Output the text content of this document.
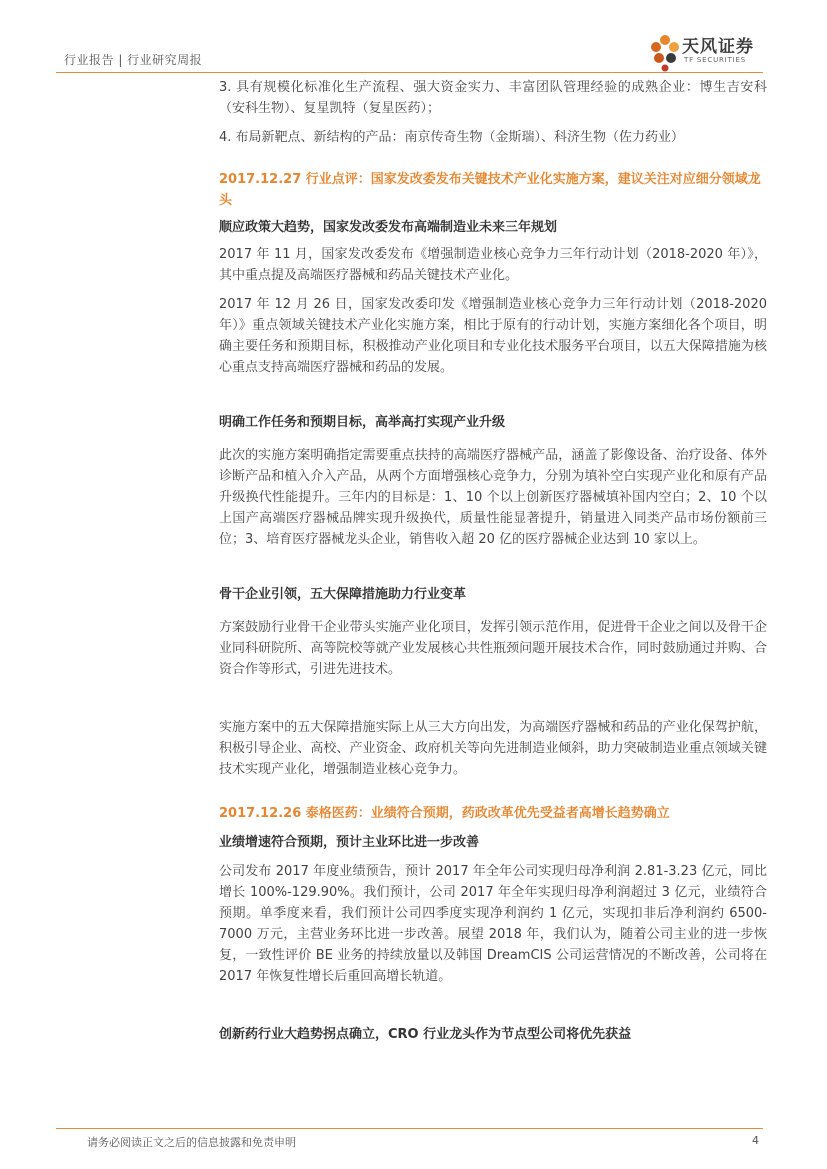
行业报告 | 行业研究周报
天风证券
TF SECURITIES

3. 具有规模化标准化生产流程、强大资金实力、丰富团队管理经验的成熟企业：博生吉安科（安科生物）、复星凯特（复星医药）；

4. 布局新靶点、新结构的产品：南京传奇生物（金斯瑞）、科济生物（佐力药业）

2017.12.27 行业点评：国家发改委发布关键技术产业化实施方案，建议关注对应细分领域龙头
顺应政策大趋势，国家发改委发布高端制造业未来三年规划

2017 年 11 月，国家发改委发布《增强制造业核心竞争力三年行动计划（2018-2020 年）》，其中重点提及高端医疗器械和药品关键技术产业化。

2017 年 12 月 26 日，国家发改委印发《增强制造业核心竞争力三年行动计划（2018-2020 年）》重点领域关键技术产业化实施方案，相比于原有的行动计划，实施方案细化各个项目，明确主要任务和预期目标，积极推动产业化项目和专业化技术服务平台项目，以五大保障措施为核心重点支持高端医疗器械和药品的发展。

明确工作任务和预期目标，高举高打实现产业升级

此次的实施方案明确指定需要重点扶持的高端医疗器械产品，涵盖了影像设备、治疗设备、体外诊断产品和植入介入产品，从两个方面增强核心竞争力，分别为填补空白实现产业化和原有产品升级换代性能提升。三年内的目标是：1、10 个以上创新医疗器械填补国内空白；2、10 个以上国产高端医疗器械品牌实现升级换代，质量性能显著提升，销量进入同类产品市场份额前三位；3、培育医疗器械龙头企业，销售收入超 20 亿的医疗器械企业达到 10 家以上。

骨干企业引领，五大保障措施助力行业变革

方案鼓励行业骨干企业带头实施产业化项目，发挥引领示范作用，促进骨干企业之间以及骨干企业同科研院所、高等院校等就产业发展核心共性瓶颈问题开展技术合作，同时鼓励通过并购、合资合作等形式，引进先进技术。

实施方案中的五大保障措施实际上从三大方向出发，为高端医疗器械和药品的产业化保驾护航，积极引导企业、高校、产业资金、政府机关等向先进制造业倾斜，助力突破制造业重点领域关键技术实现产业化，增强制造业核心竞争力。

2017.12.26 泰格医药：业绩符合预期，药政改革优先受益者高增长趋势确立
业绩增速符合预期，预计主业环比进一步改善

公司发布 2017 年度业绩预告，预计 2017 年全年公司实现归母净利润 2.81-3.23 亿元，同比增长 100%-129.90%。我们预计，公司 2017 年全年实现归母净利润超过 3 亿元，业绩符合预期。单季度来看，我们预计公司四季度实现净利润约 1 亿元，实现扣非后净利润约 6500-7000 万元，主营业务环比进一步改善。展望 2018 年，我们认为，随着公司主业的进一步恢复，一致性评价 BE 业务的持续放量以及韩国 DreamCIS 公司运营情况的不断改善，公司将在 2017 年恢复性增长后重回高增长轨道。

创新药行业大趋势拐点确立，CRO 行业龙头作为节点型公司将优先获益
请务必阅读正文之后的信息披露和免责申明	4
